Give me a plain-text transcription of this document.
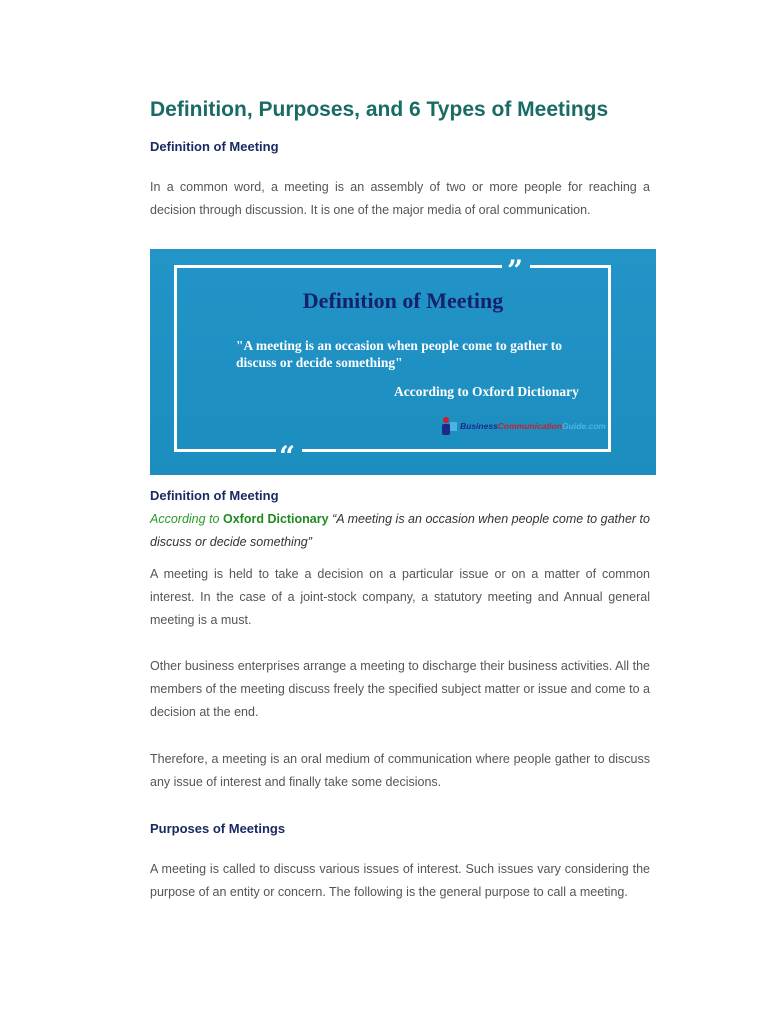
Definition, Purposes, and 6 Types of Meetings
Definition of Meeting

In a common word, a meeting is an assembly of two or more people for reaching a decision through discussion. It is one of the major media of oral communication.

”
“
Definition of Meeting
"A meeting is an occasion when people come to gather to discuss or decide something"
According to Oxford Dictionary
BusinessCommunicationGuide.com
Definition of Meeting

According to Oxford Dictionary “A meeting is an occasion when people come to gather to discuss or decide something”

A meeting is held to take a decision on a particular issue or on a matter of common interest. In the case of a joint-stock company, a statutory meeting and Annual general meeting is a must.

Other business enterprises arrange a meeting to discharge their business activities. All the members of the meeting discuss freely the specified subject matter or issue and come to a decision at the end.

Therefore, a meeting is an oral medium of communication where people gather to discuss any issue of interest and finally take some decisions.

Purposes of Meetings

A meeting is called to discuss various issues of interest. Such issues vary considering the purpose of an entity or concern. The following is the general purpose to call a meeting.
